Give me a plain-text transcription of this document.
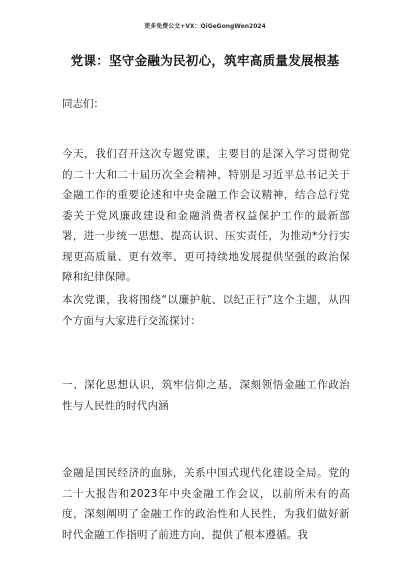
更多免费公文+VX：QiGeGongWen2024
党课：坚守金融为民初心，筑牢高质量发展根基
同志们：
今天，我们召开这次专题党课，主要目的是深入学习贯彻党的二十大和二十届历次全会精神，特别是习近平总书记关于金融工作的重要论述和中央金融工作会议精神，结合总行党委关于党风廉政建设和金融消费者权益保护工作的最新部署，进一步统一思想、提高认识、压实责任，为推动*分行实现更高质量、更有效率、更可持续地发展提供坚强的政治保障和纪律保障。
本次党课，我将围绕“以廉护航、以纪正行”这个主题，从四个方面与大家进行交流探讨：
一、深化思想认识，筑牢信仰之基，深刻领悟金融工作政治性与人民性的时代内涵
金融是国民经济的血脉，关系中国式现代化建设全局。党的二十大报告和2023年中央金融工作会议，以前所未有的高度，深刻阐明了金融工作的政治性和人民性，为我们做好新时代金融工作指明了前进方向，提供了根本遵循。我
